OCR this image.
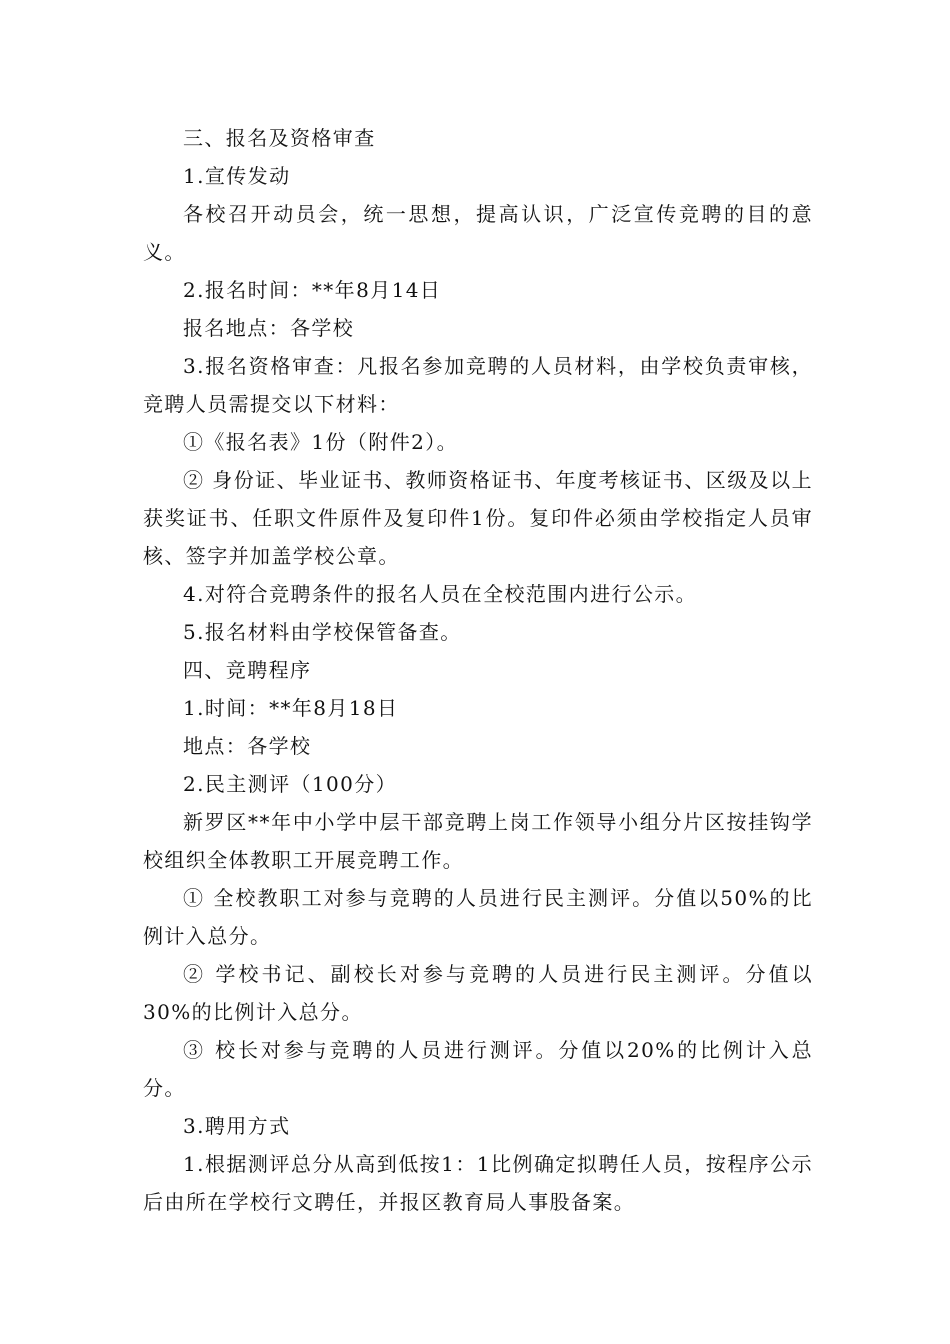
三、报名及资格审查

1.宣传发动

各校召开动员会，统一思想，提高认识，广泛宣传竞聘的目的意义。

2.报名时间：**年8月14日

报名地点：各学校

3.报名资格审查：凡报名参加竞聘的人员材料，由学校负责审核，竞聘人员需提交以下材料：

①《报名表》1份（附件2）。

② 身份证、毕业证书、教师资格证书、年度考核证书、区级及以上获奖证书、任职文件原件及复印件1份。复印件必须由学校指定人员审核、签字并加盖学校公章。

4.对符合竞聘条件的报名人员在全校范围内进行公示。

5.报名材料由学校保管备查。

四、竞聘程序

1.时间：**年8月18日

地点：各学校

2.民主测评（100分）

新罗区**年中小学中层干部竞聘上岗工作领导小组分片区按挂钩学校组织全体教职工开展竞聘工作。

① 全校教职工对参与竞聘的人员进行民主测评。分值以50%的比例计入总分。

② 学校书记、副校长对参与竞聘的人员进行民主测评。分值以30%的比例计入总分。

③ 校长对参与竞聘的人员进行测评。分值以20%的比例计入总分。

3.聘用方式

1.根据测评总分从高到低按1：1比例确定拟聘任人员，按程序公示后由所在学校行文聘任，并报区教育局人事股备案。
